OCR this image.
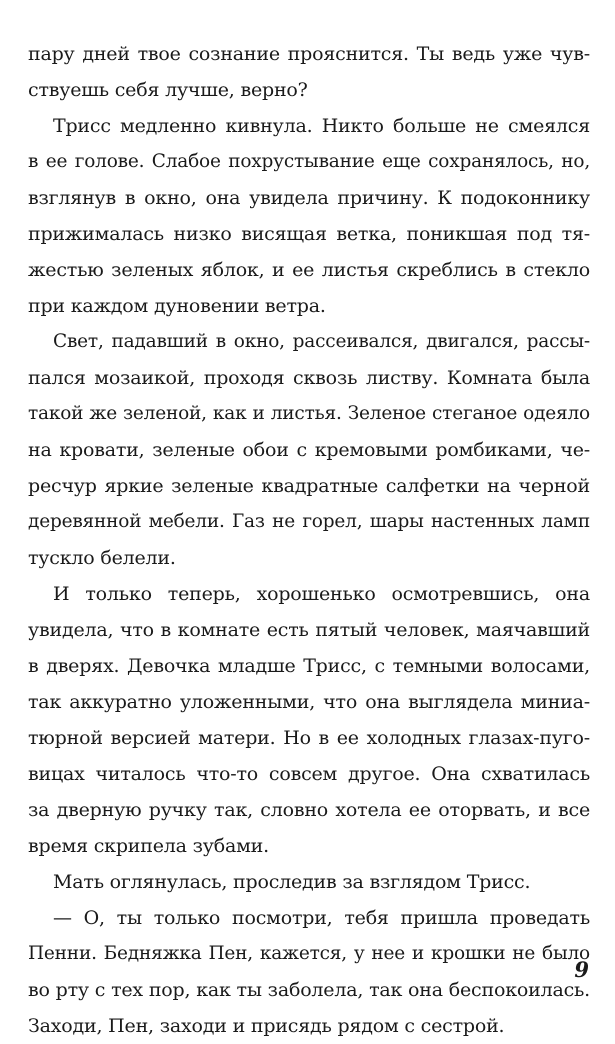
пару дней твое сознание прояснится. Ты ведь уже чув-
ствуешь себя лучше, верно?
Трисс медленно кивнула. Никто больше не смеялся
в ее голове. Слабое похрустывание еще сохранялось, но,
взглянув в окно, она увидела причину. К подоконнику
прижималась низко висящая ветка, поникшая под тя-
жестью зеленых яблок, и ее листья скреблись в стекло
при каждом дуновении ветра.
Свет, падавший в окно, рассеивался, двигался, рассы-
пался мозаикой, проходя сквозь листву. Комната была
такой же зеленой, как и листья. Зеленое стеганое одеяло
на кровати, зеленые обои с кремовыми ромбиками, че-
ресчур яркие зеленые квадратные салфетки на черной
деревянной мебели. Газ не горел, шары настенных ламп
тускло белели.
И только теперь, хорошенько осмотревшись, она
увидела, что в комнате есть пятый человек, маячавший
в дверях. Девочка младше Трисс, с темными волосами,
так аккуратно уложенными, что она выглядела миниа-
тюрной версией матери. Но в ее холодных глазах-пуго-
вицах читалось что-то совсем другое. Она схватилась
за дверную ручку так, словно хотела ее оторвать, и все
время скрипела зубами.
Мать оглянулась, проследив за взглядом Трисс.
— О, ты только посмотри, тебя пришла проведать
Пенни. Бедняжка Пен, кажется, у нее и крошки не было
во рту с тех пор, как ты заболела, так она беспокоилась.
Заходи, Пен, заходи и присядь рядом с сестрой.
9
